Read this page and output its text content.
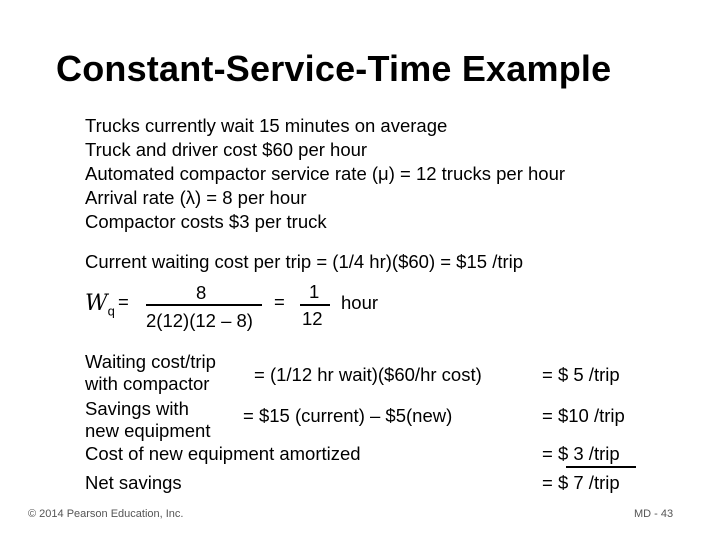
Constant-Service-Time Example
Trucks currently wait 15 minutes on average
Truck and driver cost $60 per hour
Automated compactor service rate (μ) = 12 trucks per hour
Arrival rate (λ) = 8 per hour
Compactor costs $3 per truck
Current waiting cost per trip = (1/4 hr)($60) = $15 /trip
$W_q$ =	8
2(12)(12 – 8)
= 1
12
hour
Waiting cost/trip
with compactor = (1/12 hr wait)($60/hr cost)	= $ 5 /trip
Savings with
new equipment
= $15 (current) – $5(new)	= $10 /trip
Cost of new equipment amortized	= $ 3 /trip
Net savings	= $ 7 /trip
© 2014 Pearson Education, Inc.	MD - 43
